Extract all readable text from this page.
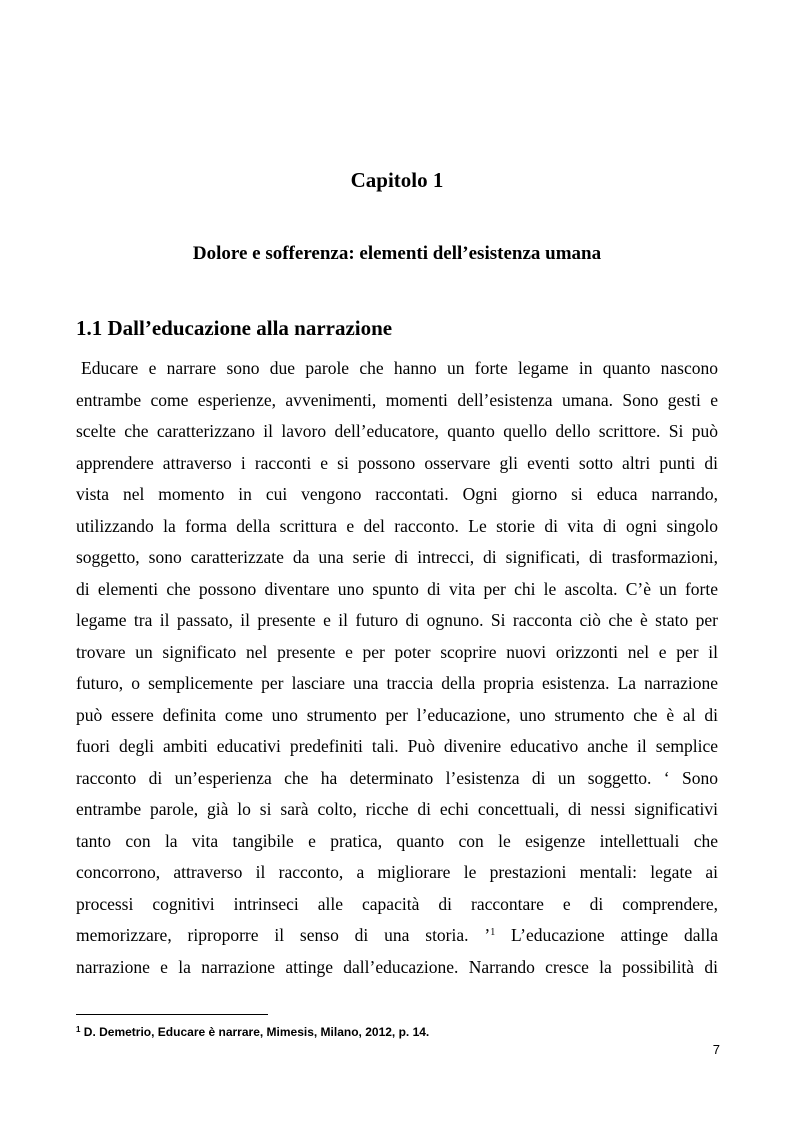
Capitolo 1
Dolore e sofferenza: elementi dell’esistenza umana
1.1 Dall’educazione alla narrazione
Educare e narrare sono due parole che hanno un forte legame in quanto nascono
entrambe come esperienze, avvenimenti, momenti dell’esistenza umana. Sono gesti e
scelte che caratterizzano il lavoro dell’educatore, quanto quello dello scrittore. Si può
apprendere attraverso i racconti e si possono osservare gli eventi sotto altri punti di
vista nel momento in cui vengono raccontati. Ogni giorno si educa narrando,
utilizzando la forma della scrittura e del racconto. Le storie di vita di ogni singolo
soggetto, sono caratterizzate da una serie di intrecci, di significati, di trasformazioni,
di elementi che possono diventare uno spunto di vita per chi le ascolta. C’è un forte
legame tra il passato, il presente e il futuro di ognuno. Si racconta ciò che è stato per
trovare un significato nel presente e per poter scoprire nuovi orizzonti nel e per il
futuro, o semplicemente per lasciare una traccia della propria esistenza. La narrazione
può essere definita come uno strumento per l’educazione, uno strumento che è al di
fuori degli ambiti educativi predefiniti tali. Può divenire educativo anche il semplice
racconto di un’esperienza che ha determinato l’esistenza di un soggetto. ‘ Sono
entrambe parole, già lo si sarà colto, ricche di echi concettuali, di nessi significativi
tanto con la vita tangibile e pratica, quanto con le esigenze intellettuali che
concorrono, attraverso il racconto, a migliorare le prestazioni mentali: legate ai
processi cognitivi intrinseci alle capacità di raccontare e di comprendere,
memorizzare, riproporre il senso di una storia. ’$^1$ L’educazione attinge dalla
narrazione e la narrazione attinge dall’educazione. Narrando cresce la possibilità di
$^1$ D. Demetrio, Educare è narrare, Mimesis, Milano, 2012, p. 14.
7
